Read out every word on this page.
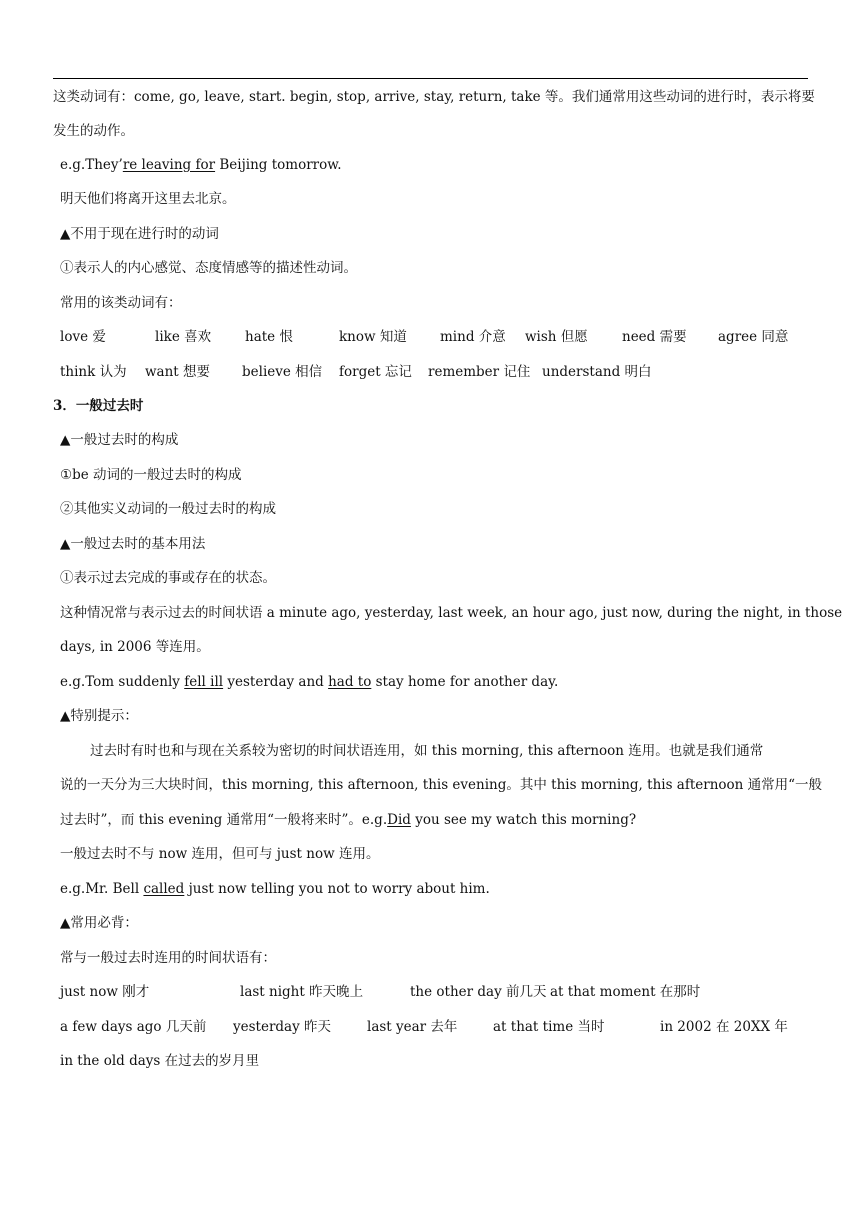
这类动词有：come, go, leave, start. begin, stop, arrive, stay, return, take 等。我们通常用这些动词的进行时，表示将要
发生的动作。
e.g.They’re leaving for Beijing tomorrow.
明天他们将离开这里去北京。
▲不用于现在进行时的动词
①表示人的内心感觉、态度情感等的描述性动词。
常用的该类动词有：
love 爱	like 喜欢	hate 恨	know 知道 mind 介意 wish 但愿	need 需要 agree 同意
think 认为 want 想要 believe 相信 forget 忘记 remember 记住 understand 明白
3．一般过去时
▲一般过去时的构成
①be 动词的一般过去时的构成
②其他实义动词的一般过去时的构成
▲一般过去时的基本用法
①表示过去完成的事或存在的状态。
这种情况常与表示过去的时间状语 a minute ago, yesterday, last week, an hour ago, just now, during the night, in those
days, in 2006 等连用。
e.g.Tom suddenly fell ill yesterday and had to stay home for another day.
▲特别提示：
过去时有时也和与现在关系较为密切的时间状语连用，如 this morning, this afternoon 连用。也就是我们通常
说的一天分为三大块时间，this morning, this afternoon, this evening。其中 this morning, this afternoon 通常用“一般
过去时”，而 this evening 通常用“一般将来时”。e.g.Did you see my watch this morning?
一般过去时不与 now 连用，但可与 just now 连用。
e.g.Mr. Bell called just now telling you not to worry about him.
▲常用必背：
常与一般过去时连用的时间状语有：
just now 刚才	last night 昨天晚上	the other day 前几天 at that moment 在那时
a few days ago 几天前 yesterday 昨天	last year 去年	at that time 当时	in 2002 在 20XX 年
in the old days 在过去的岁月里
